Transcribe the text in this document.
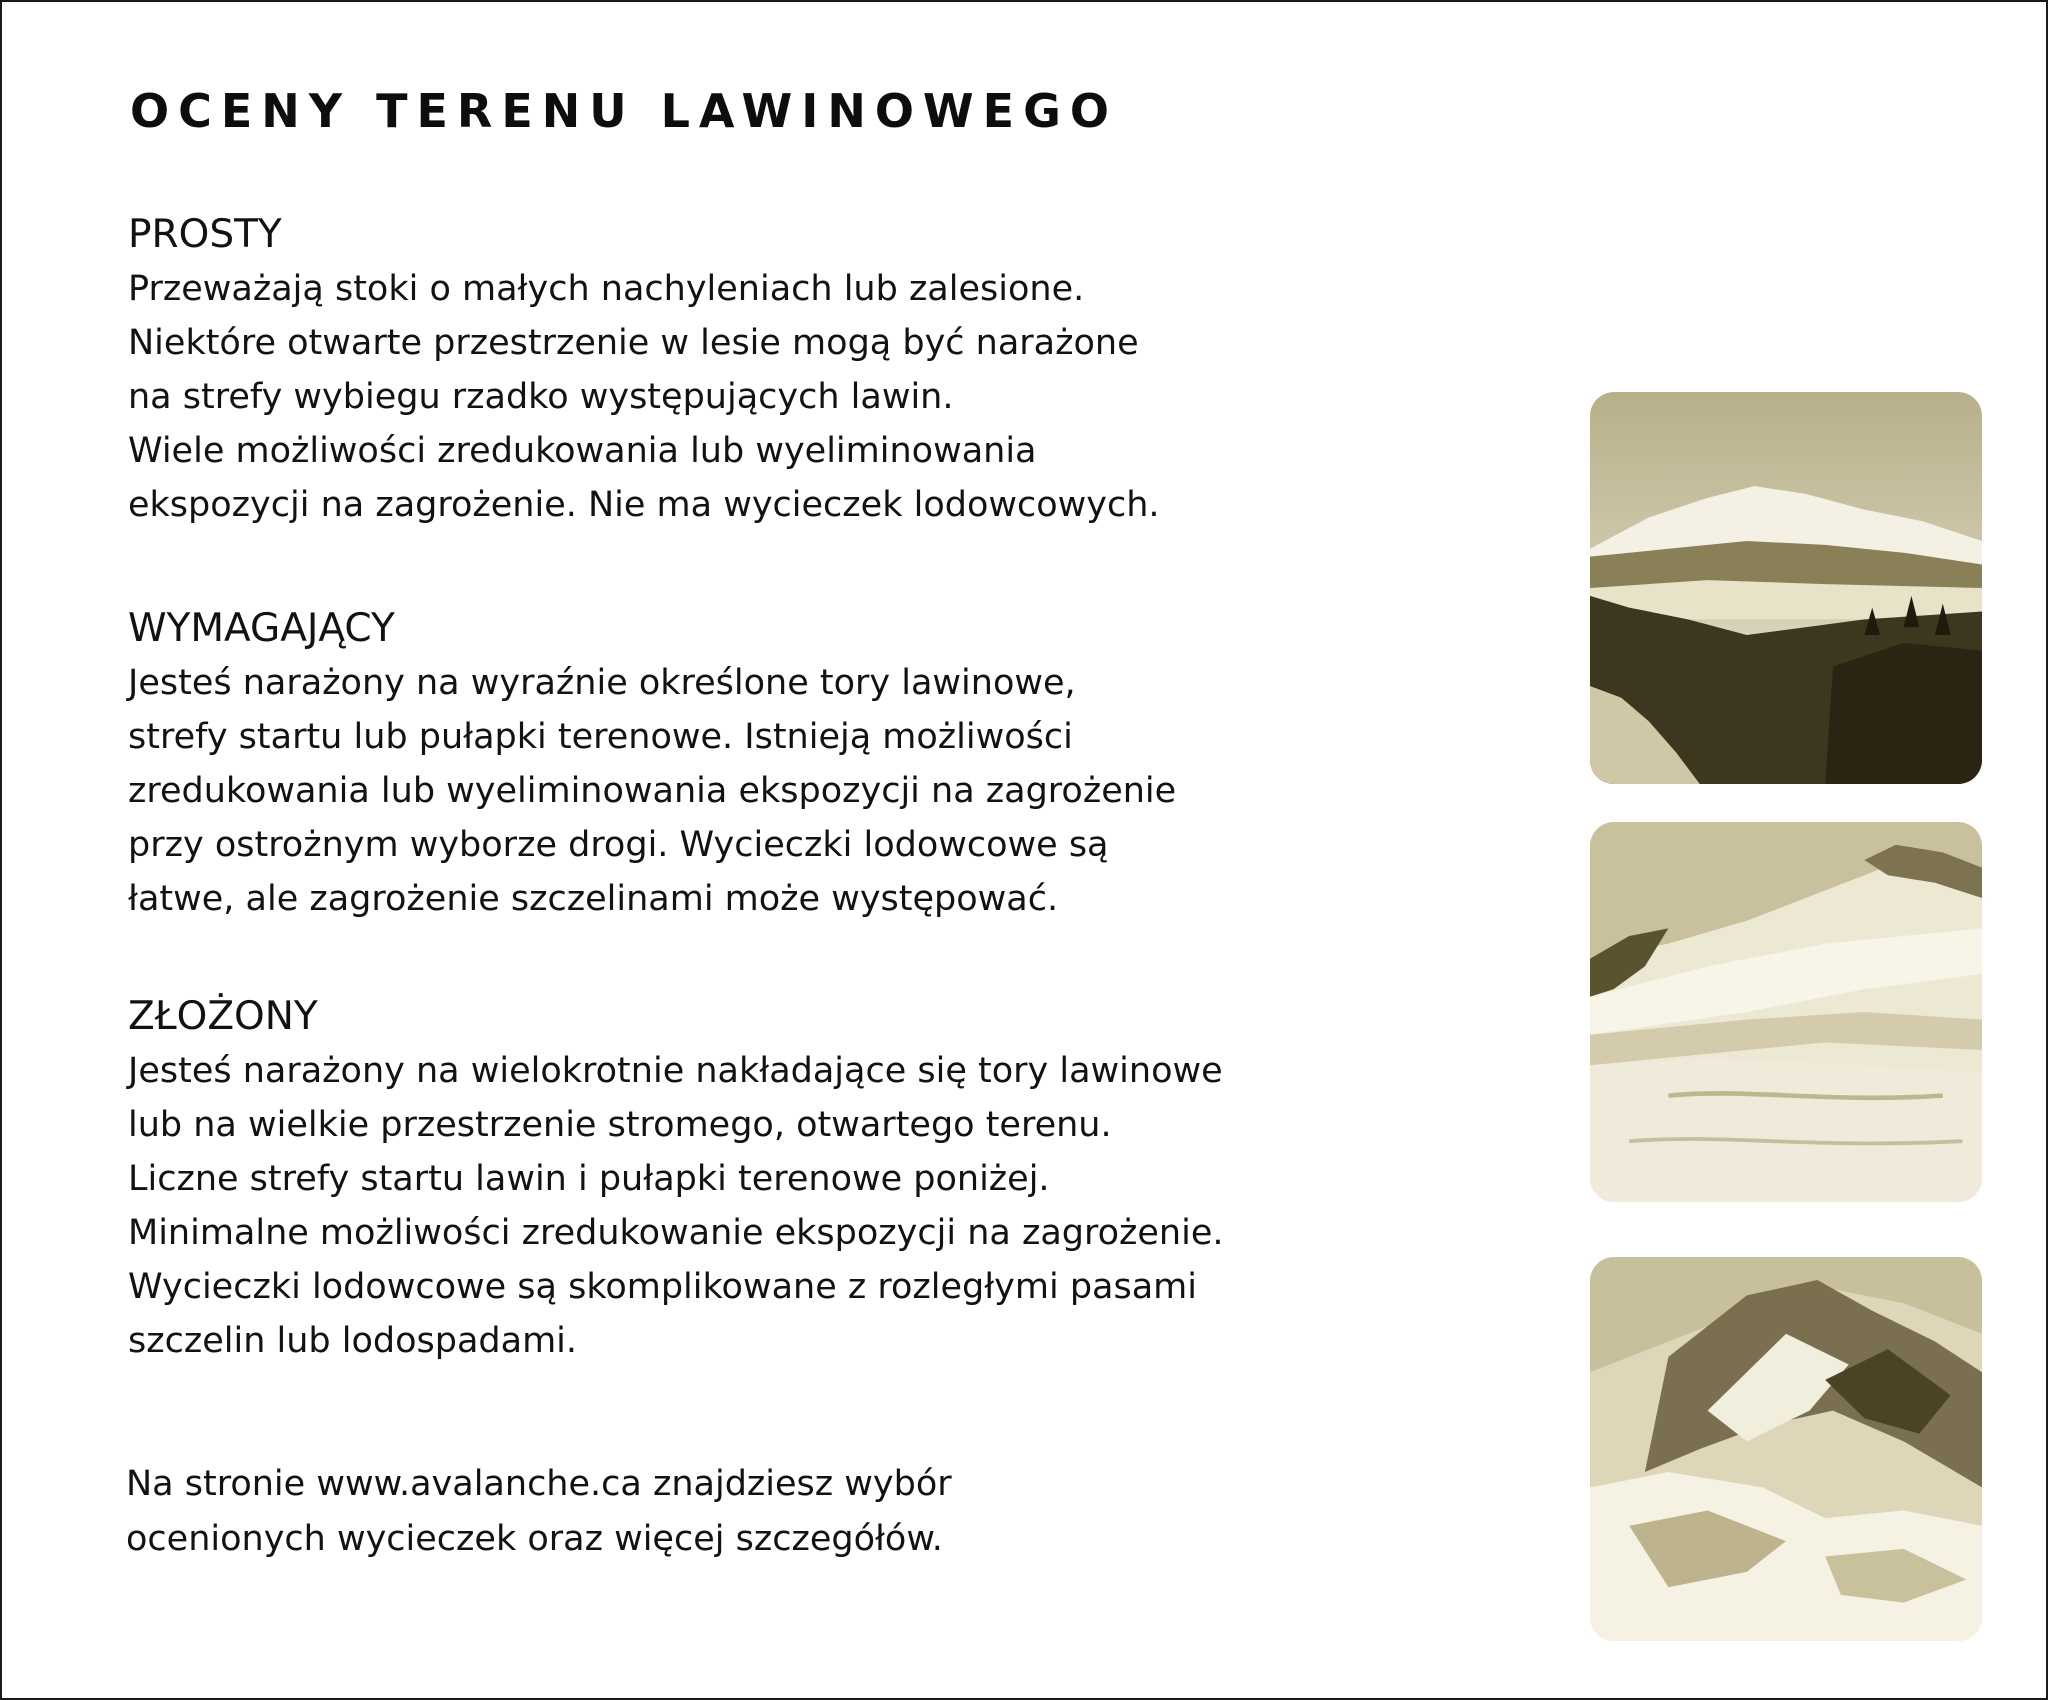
OCENY TERENU LAWINOWEGO
PROSTY
Przeważają stoki o małych nachyleniach lub zalesione.
Niektóre otwarte przestrzenie w lesie mogą być narażone
na strefy wybiegu rzadko występujących lawin.
Wiele możliwości zredukowania lub wyeliminowania
ekspozycji na zagrożenie. Nie ma wycieczek lodowcowych.
WYMAGAJĄCY
Jesteś narażony na wyraźnie określone tory lawinowe,
strefy startu lub pułapki terenowe. Istnieją możliwości
zredukowania lub wyeliminowania ekspozycji na zagrożenie
przy ostrożnym wyborze drogi. Wycieczki lodowcowe są
łatwe, ale zagrożenie szczelinami może występować.
ZŁOŻONY
Jesteś narażony na wielokrotnie nakładające się tory lawinowe
lub na wielkie przestrzenie stromego, otwartego terenu.
Liczne strefy startu lawin i pułapki terenowe poniżej.
Minimalne możliwości zredukowanie ekspozycji na zagrożenie.
Wycieczki lodowcowe są skomplikowane z rozległymi pasami
szczelin lub lodospadami.
Na stronie www.avalanche.ca znajdziesz wybór
ocenionych wycieczek oraz więcej szczegółów.
